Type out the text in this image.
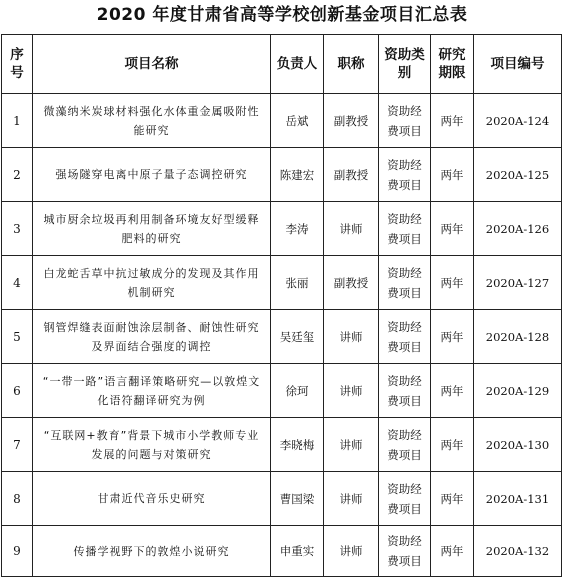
2020 年度甘肃省高等学校创新基金项目汇总表
序号	项目名称	负责人	职称	资助类别	研究期限	项目编号
1	微藻纳米炭球材料强化水体重金属吸附性能研究	岳斌	副教授	资助经费项目	两年	2020A-124
2	强场隧穿电离中原子量子态调控研究	陈建宏	副教授	资助经费项目	两年	2020A-125
3	城市厨余垃圾再利用制备环境友好型缓释肥料的研究	李涛	讲师	资助经费项目	两年	2020A-126
4	白龙蛇舌草中抗过敏成分的发现及其作用机制研究	张丽	副教授	资助经费项目	两年	2020A-127
5	钢管焊缝表面耐蚀涂层制备、耐蚀性研究及界面结合强度的调控	吴廷玺	讲师	资助经费项目	两年	2020A-128
6	“一带一路”语言翻译策略研究—以敦煌文化语符翻译研究为例	徐珂	讲师	资助经费项目	两年	2020A-129
7	“互联网+教育”背景下城市小学教师专业发展的问题与对策研究	李晓梅	讲师	资助经费项目	两年	2020A-130
8	甘肃近代音乐史研究	曹国梁	讲师	资助经费项目	两年	2020A-131
9	传播学视野下的敦煌小说研究	申重实	讲师	资助经费项目	两年	2020A-132
